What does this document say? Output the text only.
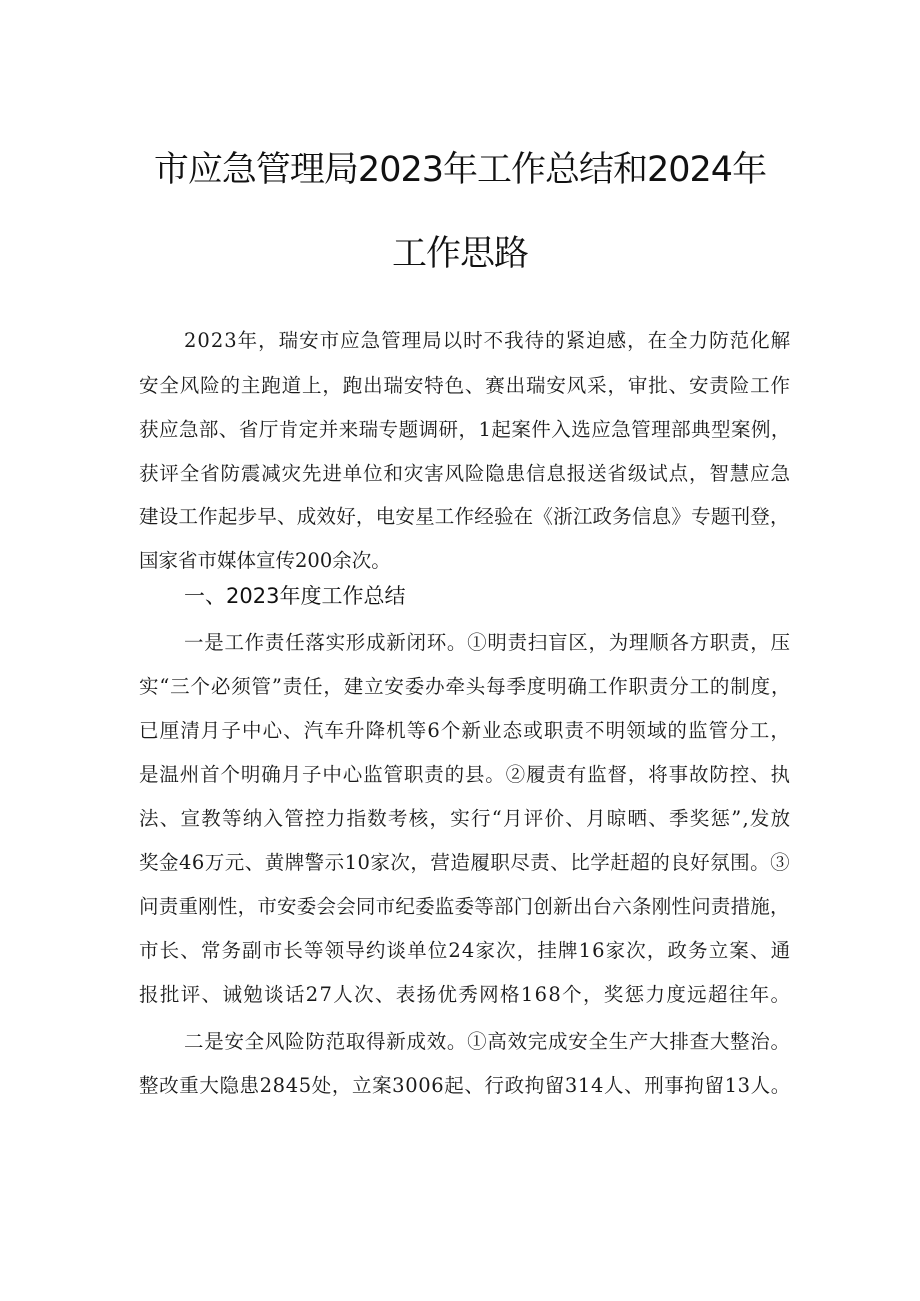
市应急管理局2023年工作总结和2024年
工作思路
2023年，瑞安市应急管理局以时不我待的紧迫感，在全力防范化解
安全风险的主跑道上，跑出瑞安特色、赛出瑞安风采，审批、安责险工作
获应急部、省厅肯定并来瑞专题调研，1起案件入选应急管理部典型案例，
获评全省防震减灾先进单位和灾害风险隐患信息报送省级试点，智慧应急
建设工作起步早、成效好，电安星工作经验在《浙江政务信息》专题刊登，
国家省市媒体宣传200余次。
一、2023年度工作总结
一是工作责任落实形成新闭环。①明责扫盲区，为理顺各方职责，压
实“三个必须管”责任，建立安委办牵头每季度明确工作职责分工的制度，
已厘清月子中心、汽车升降机等6个新业态或职责不明领域的监管分工，
是温州首个明确月子中心监管职责的县。②履责有监督，将事故防控、执
法、宣教等纳入管控力指数考核，实行“月评价、月晾晒、季奖惩”,发放
奖金46万元、黄牌警示10家次，营造履职尽责、比学赶超的良好氛围。③
问责重刚性，市安委会会同市纪委监委等部门创新出台六条刚性问责措施，
市长、常务副市长等领导约谈单位24家次，挂牌16家次，政务立案、通
报批评、诫勉谈话27人次、表扬优秀网格168个，奖惩力度远超往年。
二是安全风险防范取得新成效。①高效完成安全生产大排查大整治。
整改重大隐患2845处，立案3006起、行政拘留314人、刑事拘留13人。
